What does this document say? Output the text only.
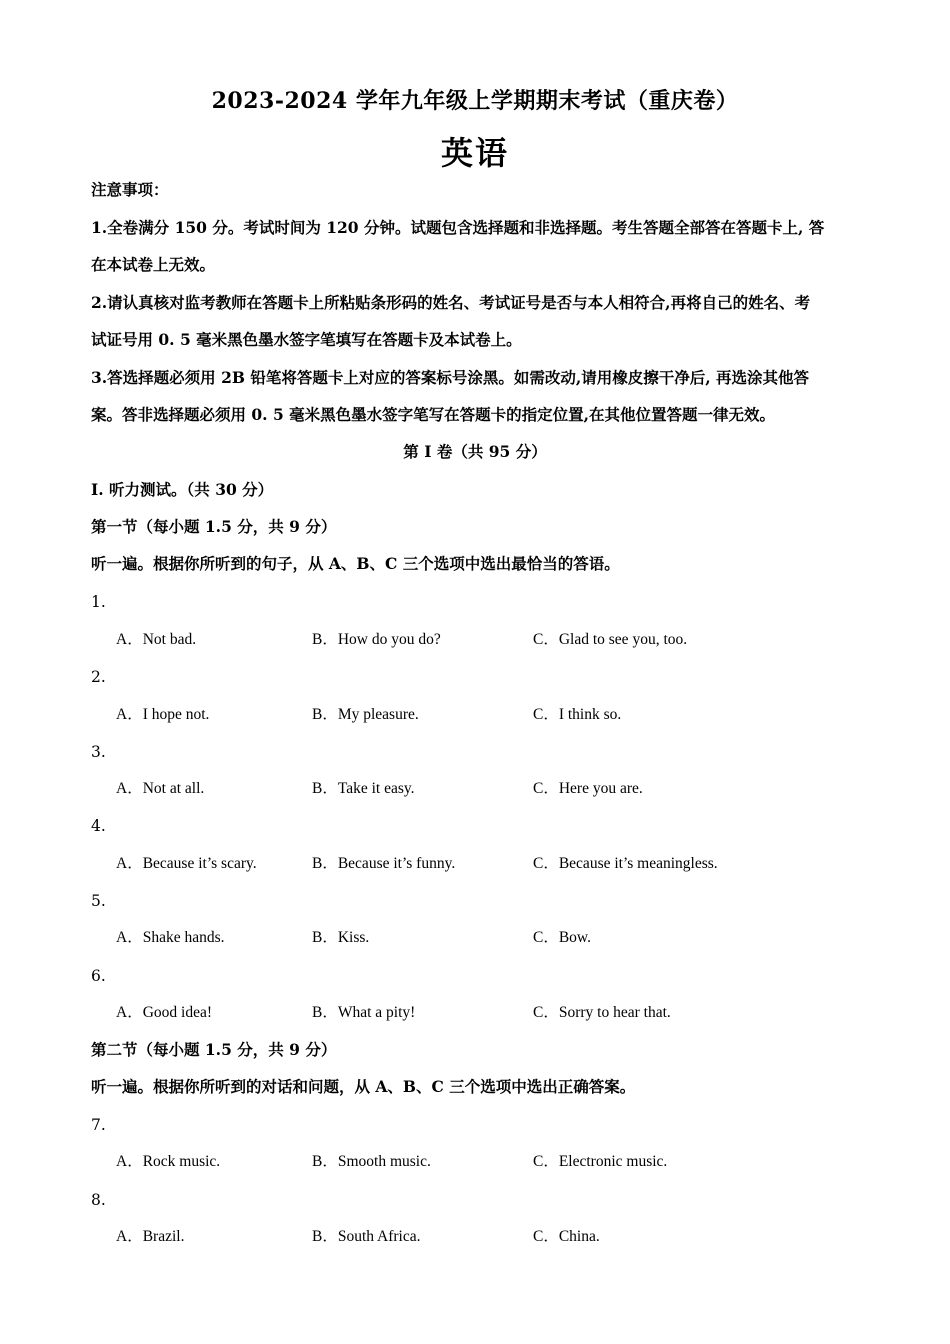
2023-2024 学年九年级上学期期末考试（重庆卷）
英语
注意事项：
1.全卷满分 150 分。考试时间为 120 分钟。试题包含选择题和非选择题。考生答题全部答在答题卡上, 答
在本试卷上无效。
2.请认真核对监考教师在答题卡上所粘贴条形码的姓名、考试证号是否与本人相符合,再将自己的姓名、考
试证号用 0. 5 毫米黑色墨水签字笔填写在答题卡及本试卷上。
3.答选择题必须用 2B 铅笔将答题卡上对应的答案标号涂黑。如需改动,请用橡皮擦干净后, 再选涂其他答
案。答非选择题必须用 0. 5 毫米黑色墨水签字笔写在答题卡的指定位置,在其他位置答题一律无效。
第 I 卷（共 95 分）
Ⅰ. 听力测试。（共 30 分）
第一节（每小题 1.5 分，共 9 分）
听一遍。根据你所听到的句子，从 A、B、C 三个选项中选出最恰当的答语。
1.
A．Not bad.	B．How do you do?	C．Glad to see you, too.
2.
A．I hope not.	B．My pleasure.	C．I think so.
3.
A．Not at all.	B．Take it easy.	C．Here you are.
4.
A．Because it’s scary.	B．Because it’s funny.	C．Because it’s meaningless.
5.
A．Shake hands.	B．Kiss.	C．Bow.
6.
A．Good idea!	B．What a pity!	C．Sorry to hear that.
第二节（每小题 1.5 分，共 9 分）
听一遍。根据你所听到的对话和问题，从 A、B、C 三个选项中选出正确答案。
7.
A．Rock music.	B．Smooth music.	C．Electronic music.
8.
A．Brazil.	B．South Africa.	C．China.
